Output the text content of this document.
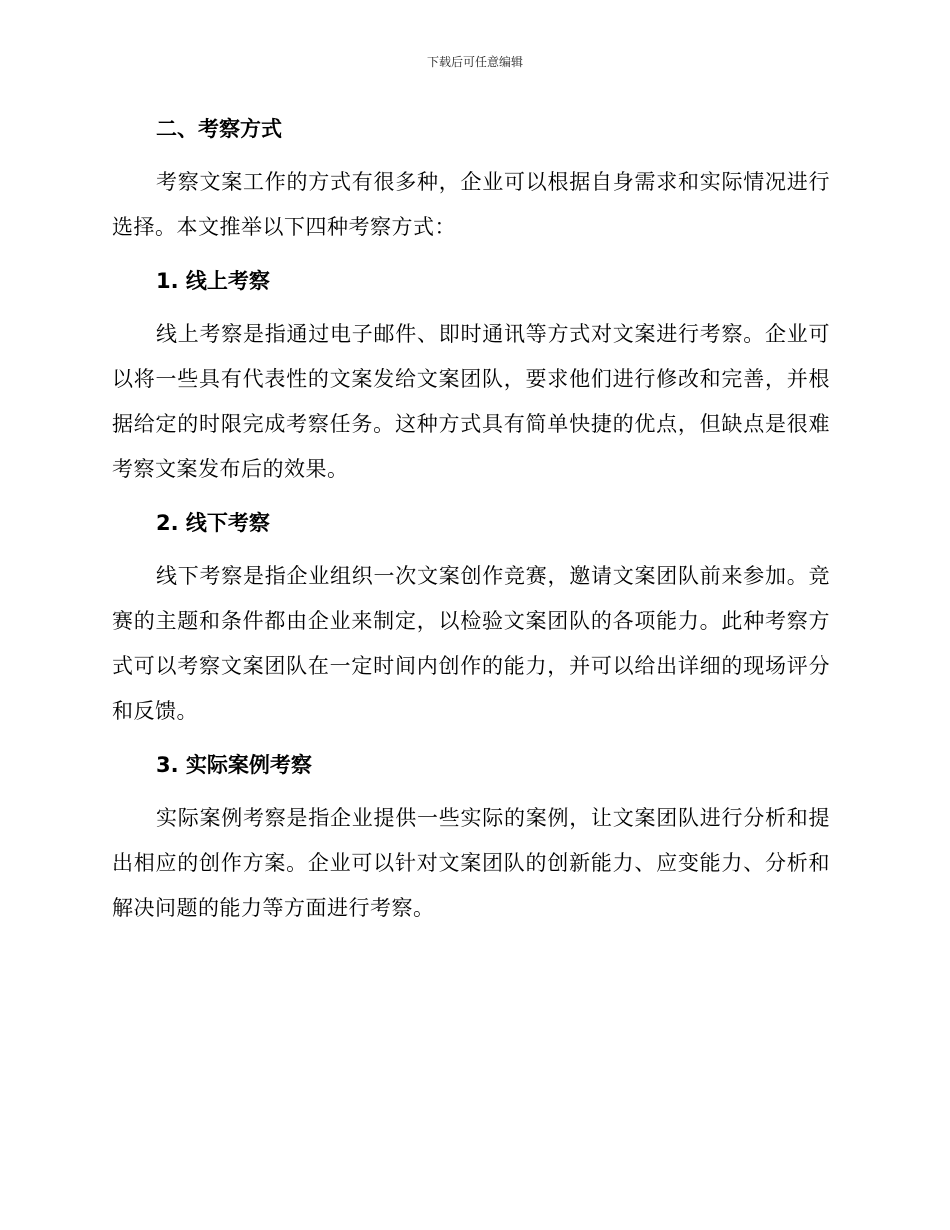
下载后可任意编辑
二、考察方式

考察文案工作的方式有很多种，企业可以根据自身需求和实际情况进行选择。本文推举以下四种考察方式：

1. 线上考察

线上考察是指通过电子邮件、即时通讯等方式对文案进行考察。企业可以将一些具有代表性的文案发给文案团队，要求他们进行修改和完善，并根据给定的时限完成考察任务。这种方式具有简单快捷的优点，但缺点是很难考察文案发布后的效果。

2. 线下考察

线下考察是指企业组织一次文案创作竞赛，邀请文案团队前来参加。竞赛的主题和条件都由企业来制定，以检验文案团队的各项能力。此种考察方式可以考察文案团队在一定时间内创作的能力，并可以给出详细的现场评分和反馈。

3. 实际案例考察

实际案例考察是指企业提供一些实际的案例，让文案团队进行分析和提出相应的创作方案。企业可以针对文案团队的创新能力、应变能力、分析和解决问题的能力等方面进行考察。
